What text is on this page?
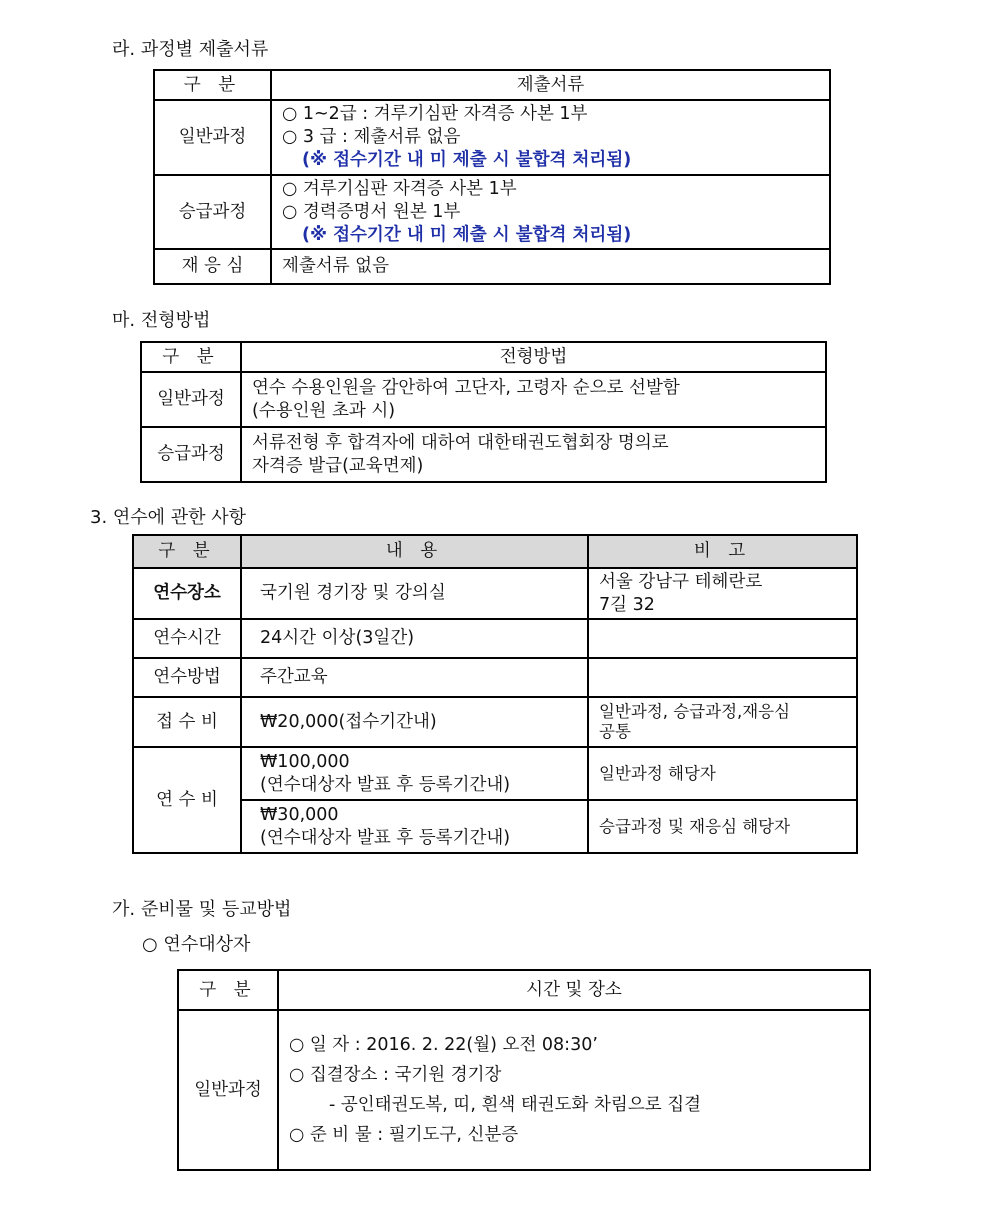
라. 과정별 제출서류
구 분	제출서류
일반과정	○ 1~2급 : 겨루기심판 자격증 사본 1부
○ 3 급 : 제출서류 없음
(※ 접수기간 내 미 제출 시 불합격 처리됨)

승급과정	○ 겨루기심판 자격증 사본 1부
○ 경력증명서 원본 1부
(※ 접수기간 내 미 제출 시 불합격 처리됨)

재 응 심	제출서류 없음
마. 전형방법
구 분	전형방법
일반과정	연수 수용인원을 감안하여 고단자, 고령자 순으로 선발함
(수용인원 초과 시)

승급과정	서류전형 후 합격자에 대하여 대한태권도협회장 명의로
자격증 발급(교육면제)
3. 연수에 관한 사항
구 분	내 용	비 고
연수장소	국기원 경기장 및 강의실	서울 강남구 테헤란로
7길 32

연수시간	24시간 이상(3일간)	

연수방법	주간교육	

접 수 비	₩20,000(접수기간내)	일반과정, 승급과정,재응심
공통

연 수 비	₩100,000
(연수대상자 발표 후 등록기간내)	일반과정 해당자

	₩30,000
(연수대상자 발표 후 등록기간내)	승급과정 및 재응심 해당자
가. 준비물 및 등교방법
○ 연수대상자
구 분	시간 및 장소
일반과정	○ 일 자 : 2016. 2. 22(월) 오전 08:30’
○ 집결장소 : 국기원 경기장
- 공인태권도복, 띠, 흰색 태권도화 차림으로 집결
○ 준 비 물 : 필기도구, 신분증
